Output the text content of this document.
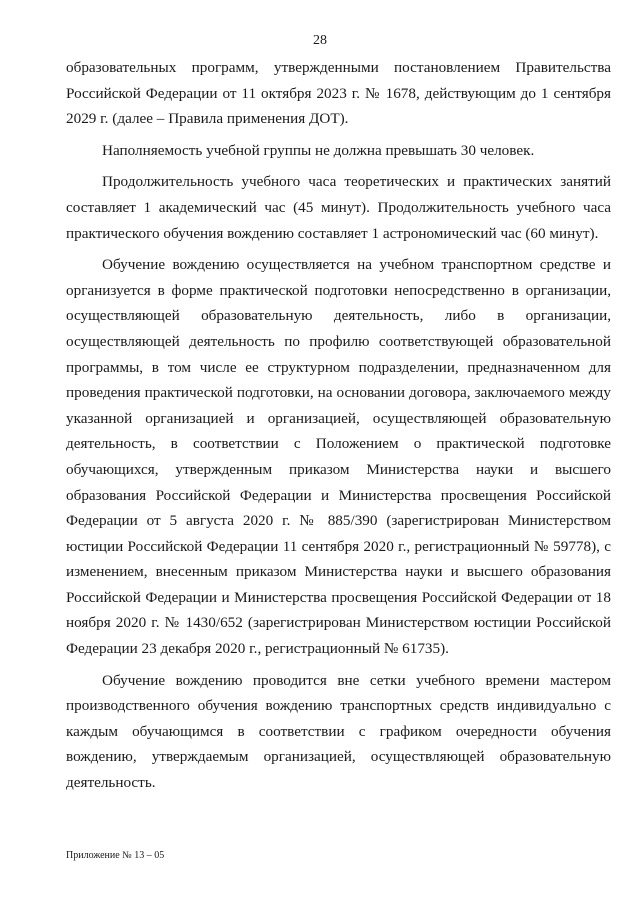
28

образовательных программ, утвержденными постановлением Правительства Российской Федерации от 11 октября 2023 г. № 1678, действующим до 1 сентября 2029 г. (далее – Правила применения ДОТ).

Наполняемость учебной группы не должна превышать 30 человек.

Продолжительность учебного часа теоретических и практических занятий составляет 1 академический час (45 минут). Продолжительность учебного часа практического обучения вождению составляет 1 астрономический час (60 минут).

Обучение вождению осуществляется на учебном транспортном средстве и организуется в форме практической подготовки непосредственно в организации, осуществляющей образовательную деятельность, либо в организации, осуществляющей деятельность по профилю соответствующей образовательной программы, в том числе ее структурном подразделении, предназначенном для проведения практической подготовки, на основании договора, заключаемого между указанной организацией и организацией, осуществляющей образовательную деятельность, в соответствии с Положением о практической подготовке обучающихся, утвержденным приказом Министерства науки и высшего образования Российской Федерации и Министерства просвещения Российской Федерации от 5 августа 2020 г. № 885/390 (зарегистрирован Министерством юстиции Российской Федерации 11 сентября 2020 г., регистрационный № 59778), с изменением, внесенным приказом Министерства науки и высшего образования Российской Федерации и Министерства просвещения Российской Федерации от 18 ноября 2020 г. № 1430/652 (зарегистрирован Министерством юстиции Российской Федерации 23 декабря 2020 г., регистрационный № 61735).

Обучение вождению проводится вне сетки учебного времени мастером производственного обучения вождению транспортных средств индивидуально с каждым обучающимся в соответствии с графиком очередности обучения вождению, утверждаемым организацией, осуществляющей образовательную деятельность.

Приложение № 13 – 05
